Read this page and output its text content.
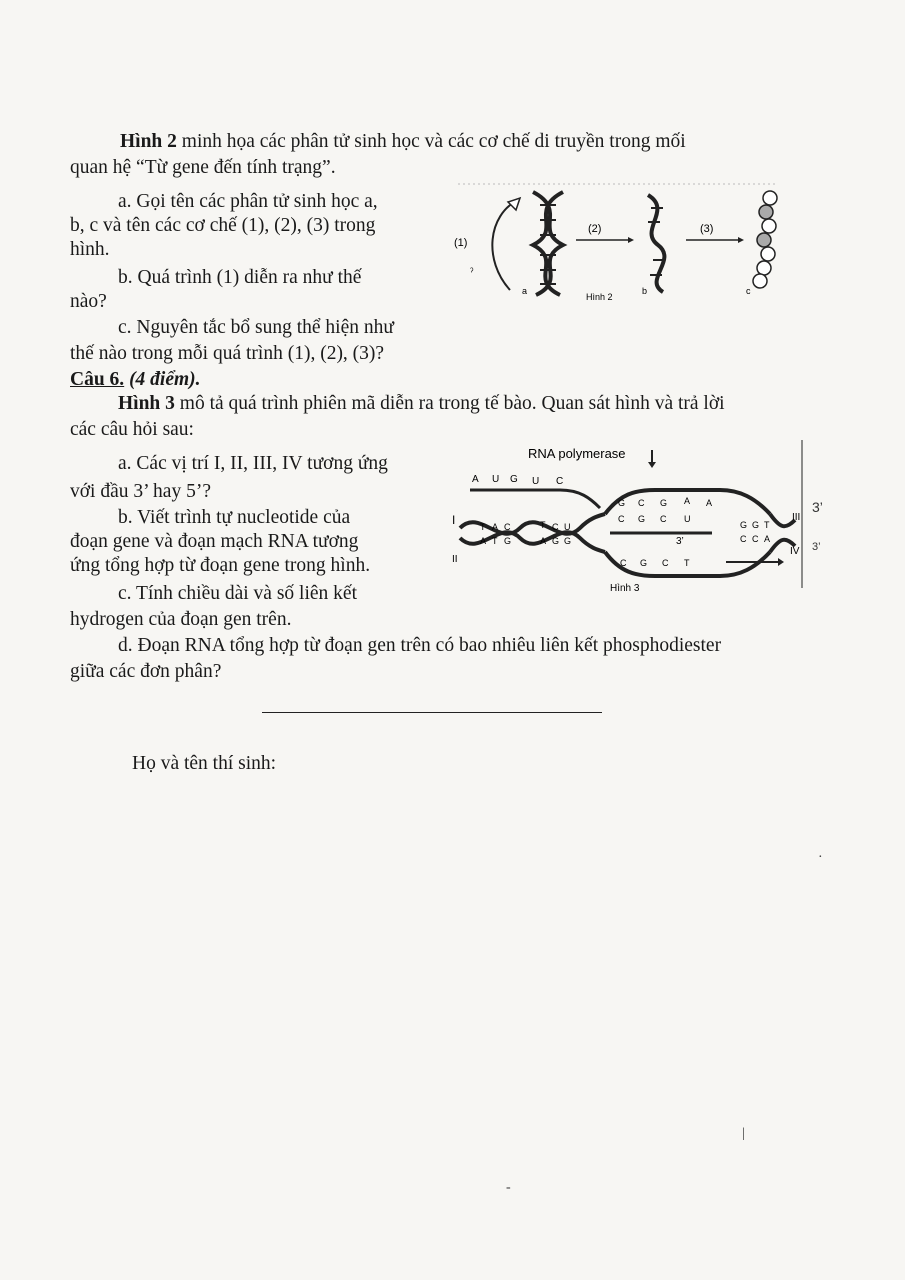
Hình 2 minh họa các phân tử sinh học và các cơ chế di truyền trong mối
quan hệ “Từ gene đến tính trạng”.
a. Gọi tên các phân tử sinh học a,
b, c và tên các cơ chế (1), (2), (3) trong
hình.
b. Quá trình (1) diễn ra như thế
nào?
c. Nguyên tắc bổ sung thể hiện như
thế nào trong mỗi quá trình (1), (2), (3)?
(1)
ˀ
a
(2)
b
Hình 2
(3)
c
Câu 6. (4 điểm).
Hình 3 mô tả quá trình phiên mã diễn ra trong tế bào. Quan sát hình và trả lời
các câu hỏi sau:
a. Các vị trí I, II, III, IV tương ứng
với đầu 3’ hay 5’?
b. Viết trình tự nucleotide của
đoạn gene và đoạn mạch RNA tương
ứng tổng hợp từ đoạn gene trong hình.
c. Tính chiều dài và số liên kết
hydrogen của đoạn gen trên.
d. Đoạn RNA tổng hợp từ đoạn gen trên có bao nhiêu liên kết phosphodiester
giữa các đơn phân?
RNA polymerase
A U G U C
I
II
T A C	T C U
A T G	A G G
G C G A A
C G C U
3’
C G C T
G G T
C C A
III
IV
3’
3’
Hình 3
Họ và tên thí sinh:
·
|
-
